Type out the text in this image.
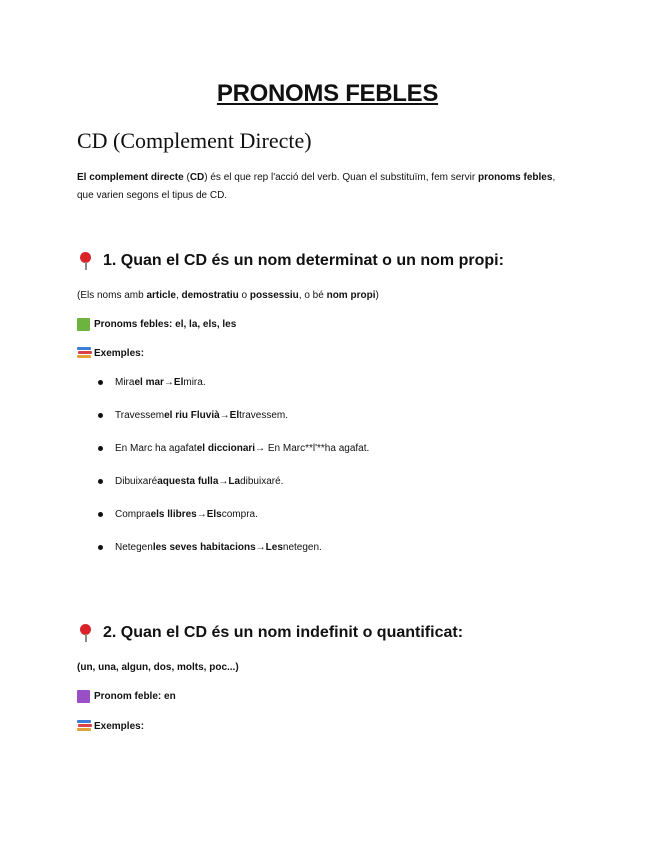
PRONOMS FEBLES
CD (Complement Directe)
El complement directe (CD) és el que rep l'acció del verb. Quan el substituïm, fem servir pronoms febles, que varien segons el tipus de CD.
1. Quan el CD és un nom determinat o un nom propi:
(Els noms amb article, demostratiu o possessiu, o bé nom propi)
Pronoms febles : el, la, els, les
Exemples:
Mira el mar → El mira.
Travessem el riu Fluvià → El travessem.
En Marc ha agafat el diccionari → En Marc **l'** ha agafat.
Dibuixaré aquesta fulla → La dibuixaré.
Compra els llibres → Els compra.
Netegen les seves habitacions → Les netegen.
2. Quan el CD és un nom indefinit o quantificat:
(un, una, algun, dos, molts, poc...)
Pronom feble : en
Exemples:
